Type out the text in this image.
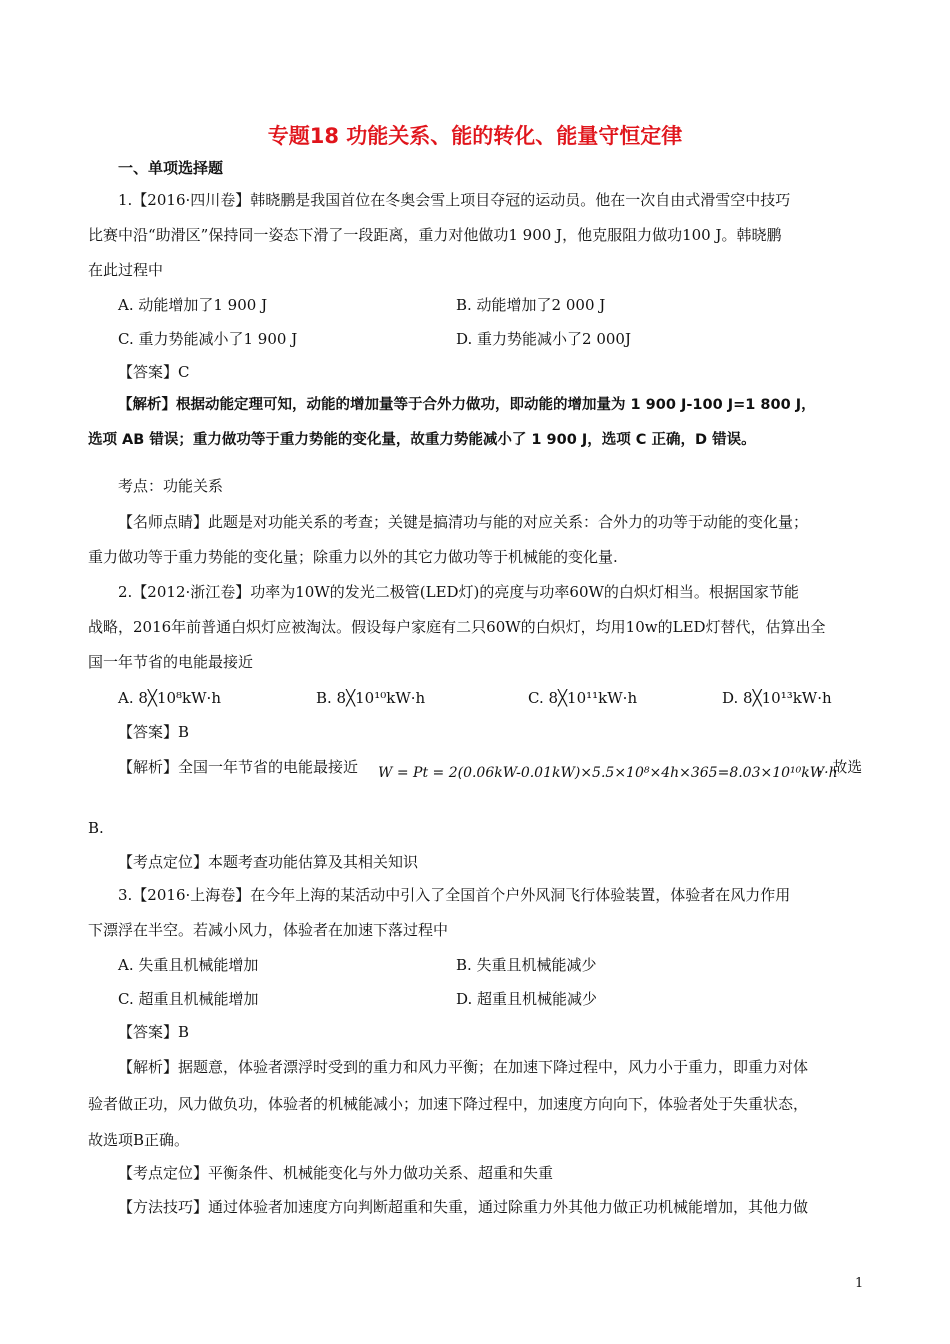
专题18 功能关系、能的转化、能量守恒定律
一、单项选择题
1.【2016·四川卷】韩晓鹏是我国首位在冬奥会雪上项目夺冠的运动员。他在一次自由式滑雪空中技巧
比赛中沿“助滑区”保持同一姿态下滑了一段距离，重力对他做功1 900 J，他克服阻力做功100 J。韩晓鹏
在此过程中
A. 动能增加了1 900 J	B. 动能增加了2 000 J
C. 重力势能减小了1 900 J	D. 重力势能减小了2 000J
【答案】C
【解析】根据动能定理可知，动能的增加量等于合外力做功，即动能的增加量为 1 900 J-100 J=1 800 J，
选项 AB 错误；重力做功等于重力势能的变化量，故重力势能减小了 1 900 J，选项 C 正确，D 错误。
考点：功能关系
【名师点睛】此题是对功能关系的考查；关键是搞清功与能的对应关系：合外力的功等于动能的变化量；
重力做功等于重力势能的变化量；除重力以外的其它力做功等于机械能的变化量.
2.【2012·浙江卷】功率为10W的发光二极管(LED灯)的亮度与功率60W的白炽灯相当。根据国家节能
战略，2016年前普通白炽灯应被淘汰。假设每户家庭有二只60W的白炽灯，均用10w的LED灯替代，估算出全
国一年节省的电能最接近
A. 8╳10⁸kW·h	B. 8╳10¹⁰kW·h	C. 8╳10¹¹kW·h	D. 8╳10¹³kW·h
【答案】B
【解析】全国一年节省的电能最接近 W = Pt = 2(0.06kW-0.01kW)×5.5×10⁸×4h×365=8.03×10¹⁰kW·h
，故选
B.
【考点定位】本题考查功能估算及其相关知识
3.【2016·上海卷】在今年上海的某活动中引入了全国首个户外风洞飞行体验装置，体验者在风力作用
下漂浮在半空。若减小风力，体验者在加速下落过程中
A. 失重且机械能增加	B. 失重且机械能减少
C. 超重且机械能增加	D. 超重且机械能减少
【答案】B
【解析】据题意，体验者漂浮时受到的重力和风力平衡；在加速下降过程中，风力小于重力，即重力对体
验者做正功，风力做负功，体验者的机械能减小；加速下降过程中，加速度方向向下，体验者处于失重状态，
故选项B正确。
【考点定位】平衡条件、机械能变化与外力做功关系、超重和失重
【方法技巧】通过体验者加速度方向判断超重和失重，通过除重力外其他力做正功机械能增加，其他力做
1
